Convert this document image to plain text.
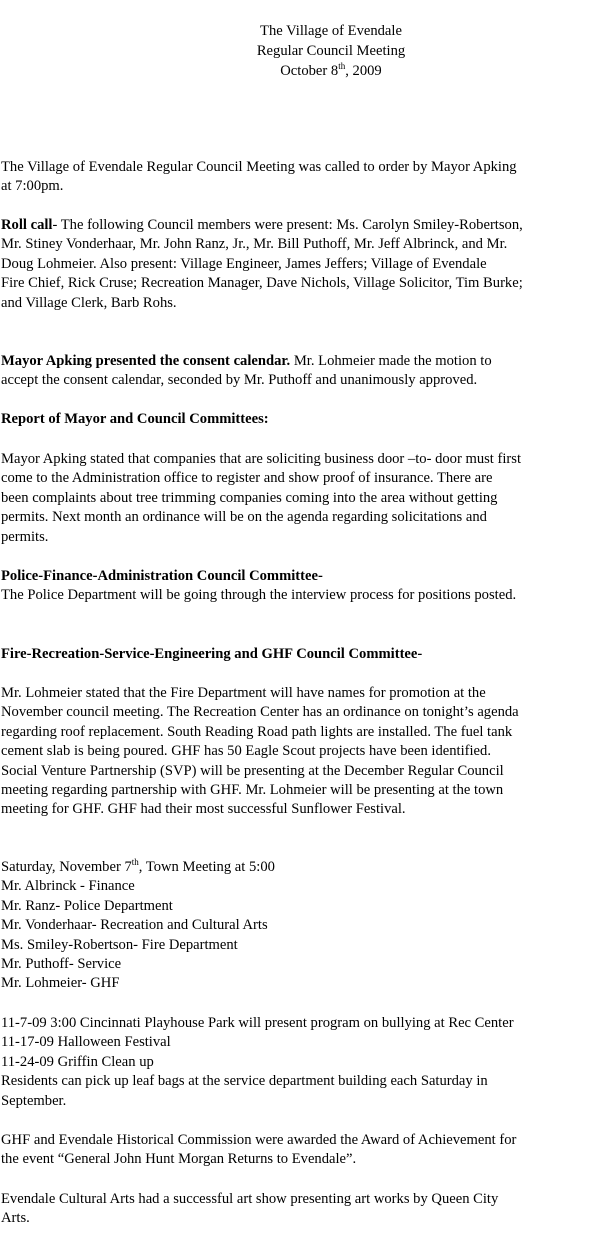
The Village of Evendale
Regular Council Meeting
October 8th, 2009
The Village of Evendale Regular Council Meeting was called to order by Mayor Apking
at 7:00pm.
Roll call- The following Council members were present: Ms. Carolyn Smiley-Robertson,
Mr. Stiney Vonderhaar, Mr. John Ranz, Jr., Mr. Bill Puthoff, Mr. Jeff Albrinck, and Mr.
Doug Lohmeier. Also present: Village Engineer, James Jeffers; Village of Evendale
Fire Chief, Rick Cruse; Recreation Manager, Dave Nichols, Village Solicitor, Tim Burke;
and Village Clerk, Barb Rohs.
Mayor Apking presented the consent calendar. Mr. Lohmeier made the motion to
accept the consent calendar, seconded by Mr. Puthoff and unanimously approved.
Report of Mayor and Council Committees:
Mayor Apking stated that companies that are soliciting business door –to- door must first
come to the Administration office to register and show proof of insurance. There are
been complaints about tree trimming companies coming into the area without getting
permits. Next month an ordinance will be on the agenda regarding solicitations and
permits.
Police-Finance-Administration Council Committee-
The Police Department will be going through the interview process for positions posted.
Fire-Recreation-Service-Engineering and GHF Council Committee-
Mr. Lohmeier stated that the Fire Department will have names for promotion at the
November council meeting. The Recreation Center has an ordinance on tonight’s agenda
regarding roof replacement. South Reading Road path lights are installed. The fuel tank
cement slab is being poured. GHF has 50 Eagle Scout projects have been identified.
Social Venture Partnership (SVP) will be presenting at the December Regular Council
meeting regarding partnership with GHF. Mr. Lohmeier will be presenting at the town
meeting for GHF. GHF had their most successful Sunflower Festival.
Saturday, November 7th, Town Meeting at 5:00
Mr. Albrinck - Finance
Mr. Ranz- Police Department
Mr. Vonderhaar- Recreation and Cultural Arts
Ms. Smiley-Robertson- Fire Department
Mr. Puthoff- Service
Mr. Lohmeier- GHF
11-7-09 3:00 Cincinnati Playhouse Park will present program on bullying at Rec Center
11-17-09 Halloween Festival
11-24-09 Griffin Clean up
Residents can pick up leaf bags at the service department building each Saturday in
September.
GHF and Evendale Historical Commission were awarded the Award of Achievement for
the event “General John Hunt Morgan Returns to Evendale”.
Evendale Cultural Arts had a successful art show presenting art works by Queen City
Arts.
